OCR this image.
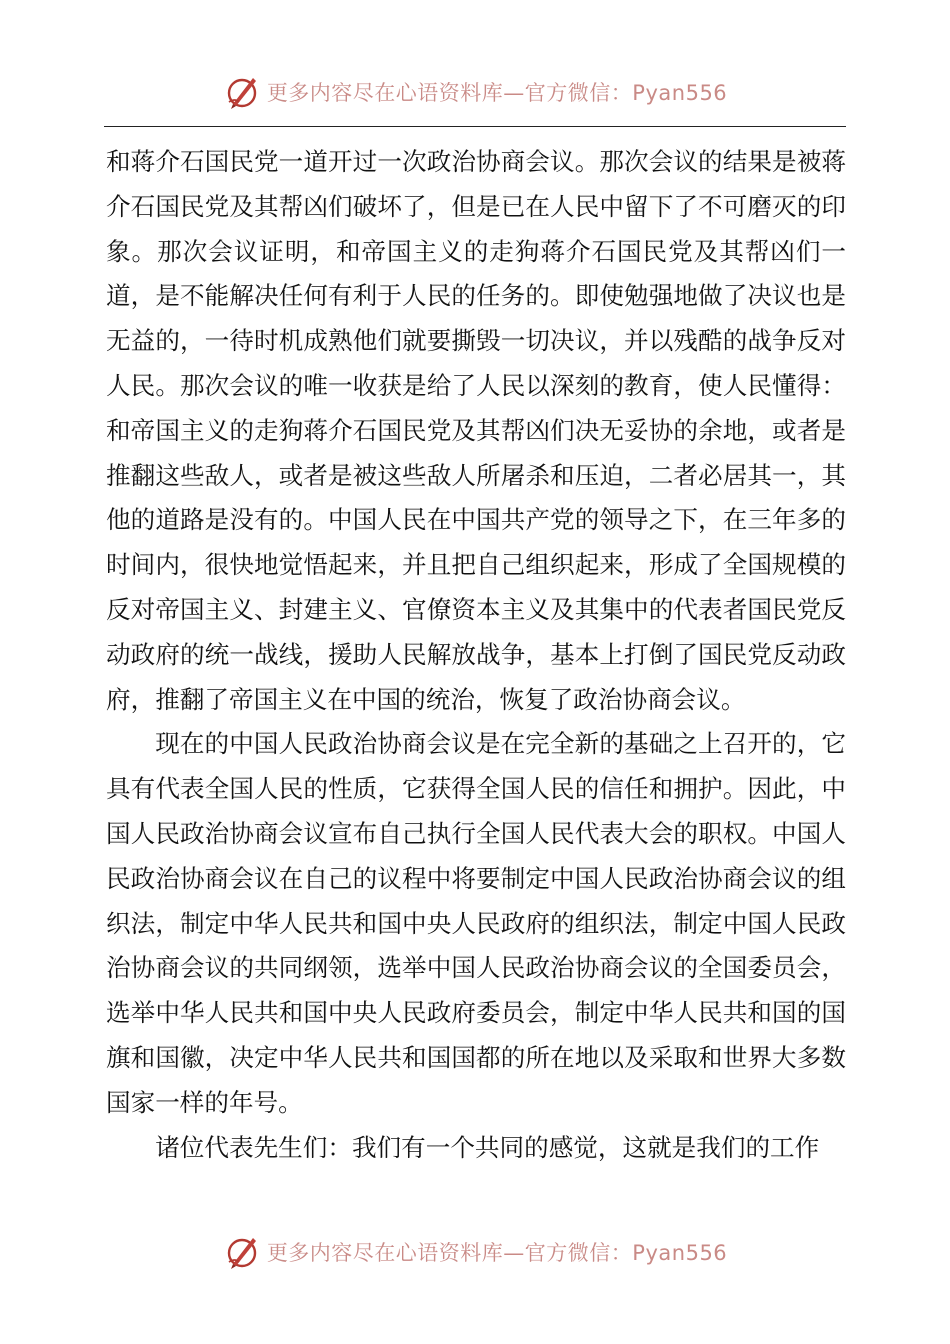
更多内容尽在心语资料库—官方微信：Pyan556

和蒋介石国民党一道开过一次政治协商会议。那次会议的结果是被蒋介石国民党及其帮凶们破坏了，但是已在人民中留下了不可磨灭的印象。那次会议证明，和帝国主义的走狗蒋介石国民党及其帮凶们一道，是不能解决任何有利于人民的任务的。即使勉强地做了决议也是无益的，一待时机成熟他们就要撕毁一切决议，并以残酷的战争反对人民。那次会议的唯一收获是给了人民以深刻的教育，使人民懂得：和帝国主义的走狗蒋介石国民党及其帮凶们决无妥协的余地，或者是推翻这些敌人，或者是被这些敌人所屠杀和压迫，二者必居其一，其他的道路是没有的。中国人民在中国共产党的领导之下，在三年多的时间内，很快地觉悟起来，并且把自己组织起来，形成了全国规模的反对帝国主义、封建主义、官僚资本主义及其集中的代表者国民党反动政府的统一战线，援助人民解放战争，基本上打倒了国民党反动政府，推翻了帝国主义在中国的统治，恢复了政治协商会议。

现在的中国人民政治协商会议是在完全新的基础之上召开的，它具有代表全国人民的性质，它获得全国人民的信任和拥护。因此，中国人民政治协商会议宣布自己执行全国人民代表大会的职权。中国人民政治协商会议在自己的议程中将要制定中国人民政治协商会议的组织法，制定中华人民共和国中央人民政府的组织法，制定中国人民政治协商会议的共同纲领，选举中国人民政治协商会议的全国委员会，选举中华人民共和国中央人民政府委员会，制定中华人民共和国的国旗和国徽，决定中华人民共和国国都的所在地以及采取和世界大多数国家一样的年号。

诸位代表先生们：我们有一个共同的感觉，这就是我们的工作

更多内容尽在心语资料库—官方微信：Pyan556
